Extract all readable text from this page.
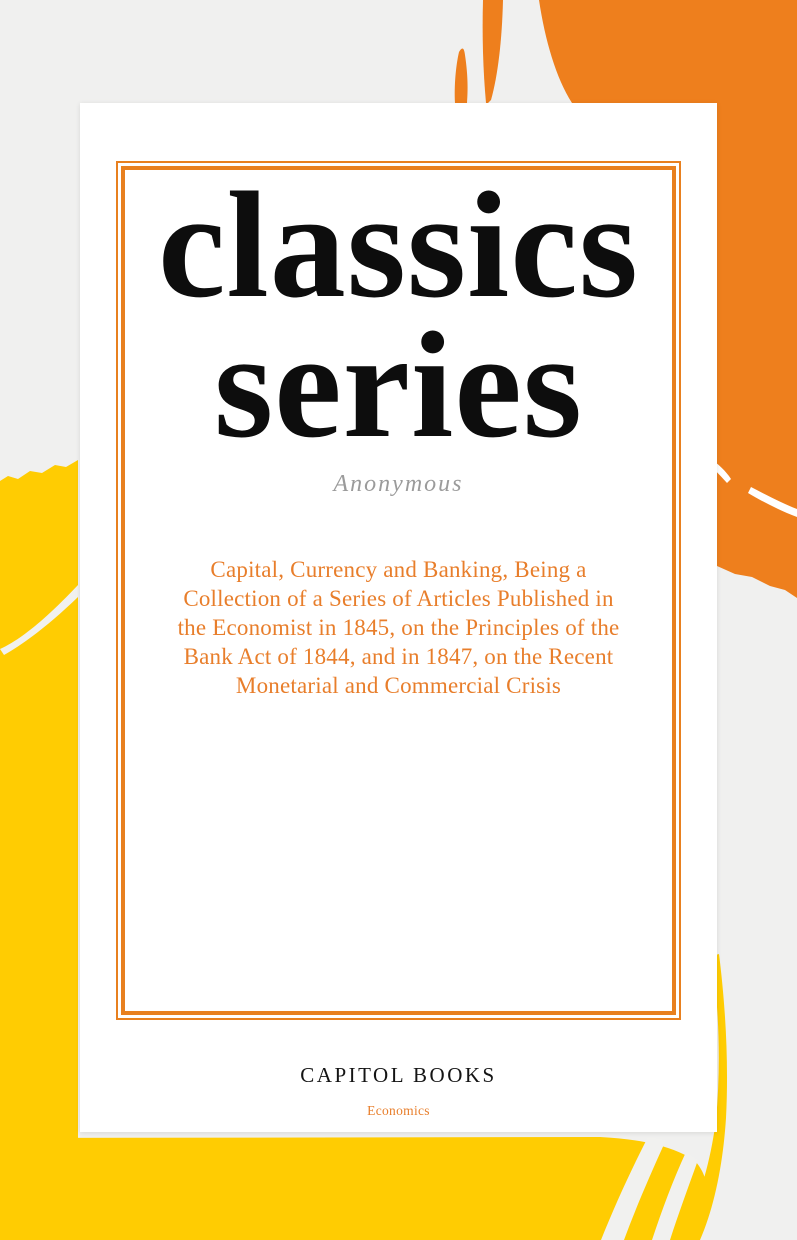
classics
series
Anonymous
Capital, Currency and Banking, Being a
Collection of a Series of Articles Published in
the Economist in 1845, on the Principles of the
Bank Act of 1844, and in 1847, on the Recent
Monetarial and Commercial Crisis
CAPITOL BOOKS
Economics
